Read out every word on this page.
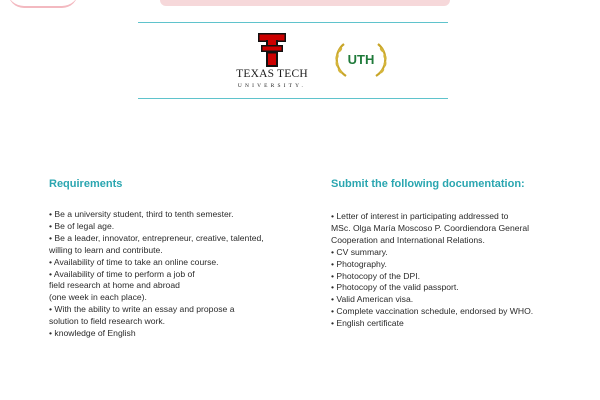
TEXAS TECH
UNIVERSITY.
UTH
Requirements
• Be a university student, third to tenth semester.
• Be of legal age.
• Be a leader, innovator, entrepreneur, creative, talented,
willing to learn and contribute.
• Availability of time to take an online course.
• Availability of time to perform a job of
field research at home and abroad
(one week in each place).
• With the ability to write an essay and propose a
solution to field research work.
• knowledge of English
Submit the following documentation:
• Letter of interest in participating addressed to
MSc. Olga María Moscoso P. Coordiendora General
Cooperation and International Relations.
• CV summary.
• Photography.
• Photocopy of the DPI.
• Photocopy of the valid passport.
• Valid American visa.
• Complete vaccination schedule, endorsed by WHO.
• English certificate
